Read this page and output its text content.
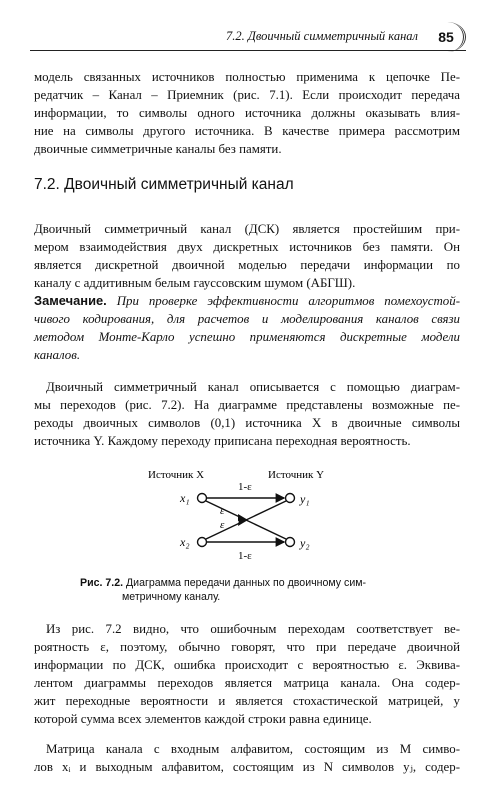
7.2. Двоичный симметричный канал	85
модель связанных источников полностью применима к цепочке Пе-
редатчик – Канал – Приемник (рис. 7.1). Если происходит передача
информации, то символы одного источника должны оказывать влия-
ние на символы другого источника. В качестве примера рассмотрим
двоичные симметричные каналы без памяти.
7.2. Двоичный симметричный канал
Двоичный симметричный канал (ДСК) является простейшим при-
мером взаимодействия двух дискретных источников без памяти. Он
является дискретной двоичной моделью передачи информации по
каналу с аддитивным белым гауссовским шумом (АБГШ).
Замечание. При проверке эффективности алгоритмов помехоустой-
чивого кодирования, для расчетов и моделирования каналов связи
методом Монте-Карло успешно применяются дискретные модели
каналов.
Двоичный симметричный канал описывается с помощью диаграм-
мы переходов (рис. 7.2). На диаграмме представлены возможные пе-
реходы двоичных символов (0,1) источника X в двоичные символы
источника Y. Каждому переходу приписана переходная вероятность.
Источник X	Источник Y
1-ε
x₁	y₁
ε
ε
x₂	y₂
1-ε
Рис. 7.2. Диаграмма передачи данных по двоичному сим-
метричному каналу.
Из рис. 7.2 видно, что ошибочным переходам соответствует ве-
роятность ε, поэтому, обычно говорят, что при передаче двоичной
информации по ДСК, ошибка происходит с вероятностью ε. Эквива-
лентом диаграммы переходов является матрица канала. Она содер-
жит переходные вероятности и является стохастической матрицей, у
которой сумма всех элементов каждой строки равна единице.
Матрица канала с входным алфавитом, состоящим из M симво-
лов xᵢ и выходным алфавитом, состоящим из N символов yⱼ, содер-
